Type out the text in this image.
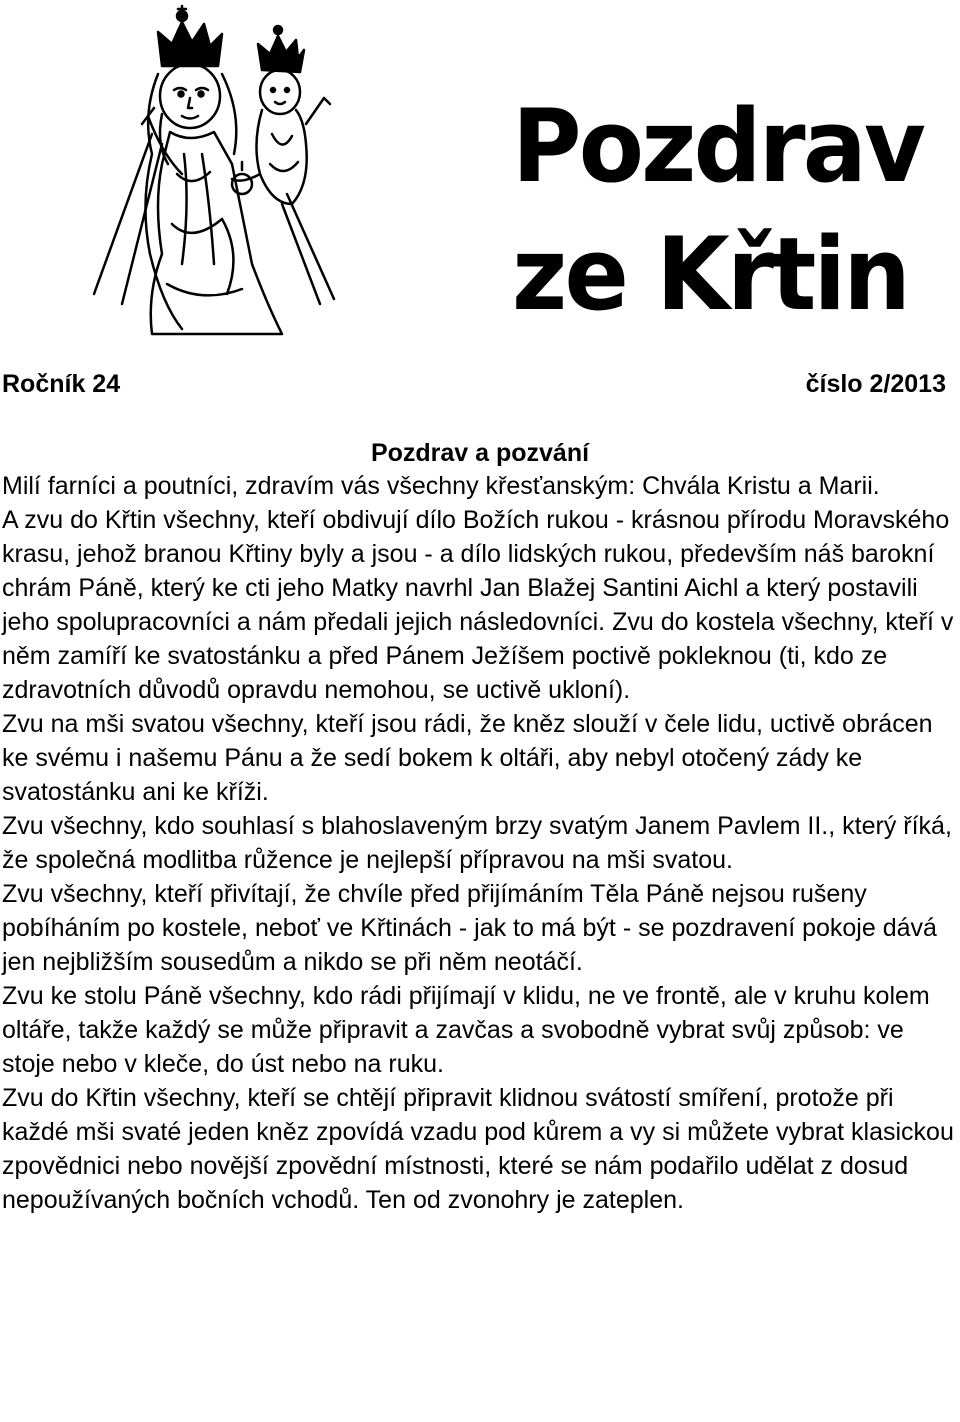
Pozdrav
ze Křtin
Ročník 24	číslo 2/2013
Pozdrav a pozvání

Milí farníci a poutníci, zdravím vás všechny křesťanským: Chvála Kristu a Marii.

A zvu do Křtin všechny, kteří obdivují dílo Božích rukou - krásnou přírodu Moravského krasu, jehož branou Křtiny byly a jsou - a dílo lidských rukou, především náš barokní chrám Páně, který ke cti jeho Matky navrhl Jan Blažej Santini Aichl a který postavili jeho spolupracovníci a nám předali jejich následovníci. Zvu do kostela všechny, kteří v něm zamíří ke svatostánku a před Pánem Ježíšem poctivě pokleknou (ti, kdo ze zdravotních důvodů opravdu nemohou, se uctivě ukloní).

Zvu na mši svatou všechny, kteří jsou rádi, že kněz slouží v čele lidu, uctivě obrácen ke svému i našemu Pánu a že sedí bokem k oltáři, aby nebyl otočený zády ke svatostánku ani ke kříži.

Zvu všechny, kdo souhlasí s blahoslaveným brzy svatým Janem Pavlem II., který říká, že společná modlitba růžence je nejlepší přípravou na mši svatou.

Zvu všechny, kteří přivítají, že chvíle před přijímáním Těla Páně nejsou rušeny pobíháním po kostele, neboť ve Křtinách - jak to má být - se pozdravení pokoje dává jen nejbližším sousedům a nikdo se při něm neotáčí.

Zvu ke stolu Páně všechny, kdo rádi přijímají v klidu, ne ve frontě, ale v kruhu kolem oltáře, takže každý se může připravit a zavčas a svobodně vybrat svůj způsob: ve stoje nebo v kleče, do úst nebo na ruku.

Zvu do Křtin všechny, kteří se chtějí připravit klidnou svátostí smíření, protože při každé mši svaté jeden kněz zpovídá vzadu pod kůrem a vy si můžete vybrat klasickou zpovědnici nebo novější zpovědní místnosti, které se nám podařilo udělat z dosud nepoužívaných bočních vchodů. Ten od zvonohry je zateplen.
